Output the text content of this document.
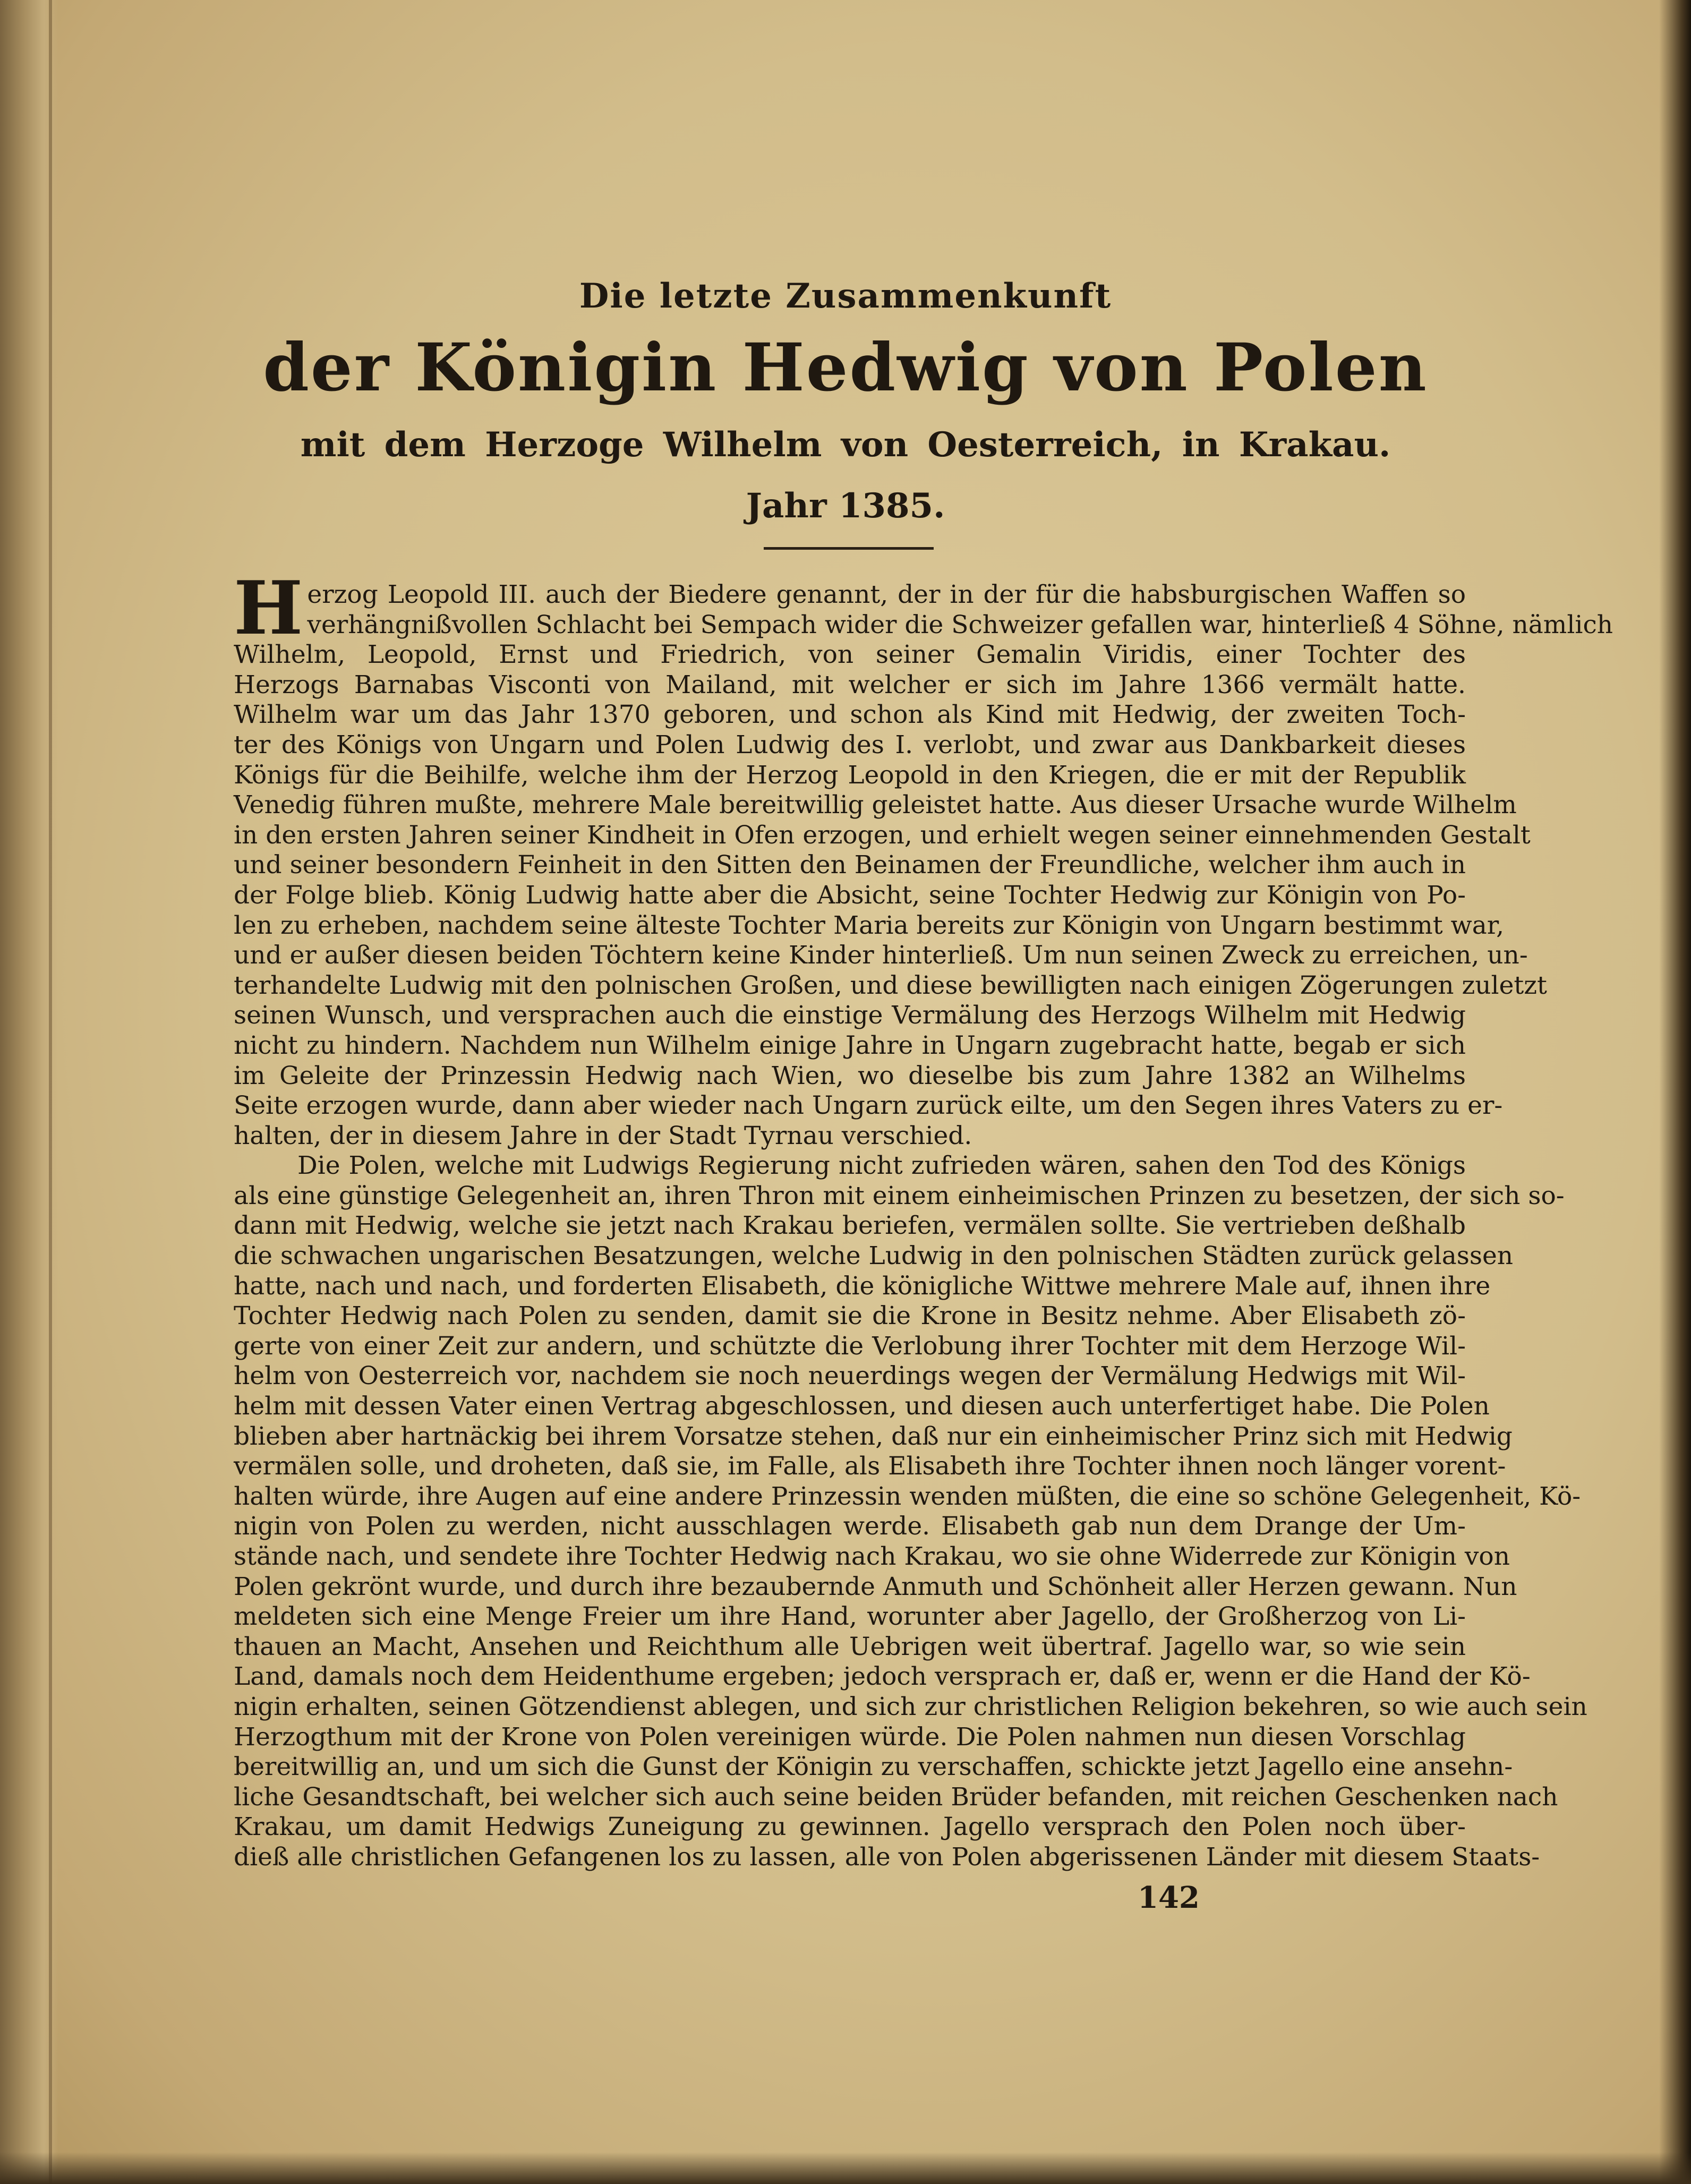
Die letzte Zusammenkunft
der Königin Hedwig von Polen
mit dem Herzoge Wilhelm von Oesterreich, in Krakau.
Jahr 1385.
Herzog Leopold III. auch der Biedere genannt, der in der für die habsburgischen Waffen so
verhängnißvollen Schlacht bei Sempach wider die Schweizer gefallen war, hinterließ 4 Söhne, nämlich
Wilhelm, Leopold, Ernst und Friedrich, von seiner Gemalin Viridis, einer Tochter des
Herzogs Barnabas Visconti von Mailand, mit welcher er sich im Jahre 1366 vermält hatte.
Wilhelm war um das Jahr 1370 geboren, und schon als Kind mit Hedwig, der zweiten Toch-
ter des Königs von Ungarn und Polen Ludwig des I. verlobt, und zwar aus Dankbarkeit dieses
Königs für die Beihilfe, welche ihm der Herzog Leopold in den Kriegen, die er mit der Republik
Venedig führen mußte, mehrere Male bereitwillig geleistet hatte. Aus dieser Ursache wurde Wilhelm
in den ersten Jahren seiner Kindheit in Ofen erzogen, und erhielt wegen seiner einnehmenden Gestalt
und seiner besondern Feinheit in den Sitten den Beinamen der Freundliche, welcher ihm auch in
der Folge blieb. König Ludwig hatte aber die Absicht, seine Tochter Hedwig zur Königin von Po-
len zu erheben, nachdem seine älteste Tochter Maria bereits zur Königin von Ungarn bestimmt war,
und er außer diesen beiden Töchtern keine Kinder hinterließ. Um nun seinen Zweck zu erreichen, un-
terhandelte Ludwig mit den polnischen Großen, und diese bewilligten nach einigen Zögerungen zuletzt
seinen Wunsch, und versprachen auch die einstige Vermälung des Herzogs Wilhelm mit Hedwig
nicht zu hindern. Nachdem nun Wilhelm einige Jahre in Ungarn zugebracht hatte, begab er sich
im Geleite der Prinzessin Hedwig nach Wien, wo dieselbe bis zum Jahre 1382 an Wilhelms
Seite erzogen wurde, dann aber wieder nach Ungarn zurück eilte, um den Segen ihres Vaters zu er-
halten, der in diesem Jahre in der Stadt Tyrnau verschied.
Die Polen, welche mit Ludwigs Regierung nicht zufrieden wären, sahen den Tod des Königs
als eine günstige Gelegenheit an, ihren Thron mit einem einheimischen Prinzen zu besetzen, der sich so-
dann mit Hedwig, welche sie jetzt nach Krakau beriefen, vermälen sollte. Sie vertrieben deßhalb
die schwachen ungarischen Besatzungen, welche Ludwig in den polnischen Städten zurück gelassen
hatte, nach und nach, und forderten Elisabeth, die königliche Wittwe mehrere Male auf, ihnen ihre
Tochter Hedwig nach Polen zu senden, damit sie die Krone in Besitz nehme. Aber Elisabeth zö-
gerte von einer Zeit zur andern, und schützte die Verlobung ihrer Tochter mit dem Herzoge Wil-
helm von Oesterreich vor, nachdem sie noch neuerdings wegen der Vermälung Hedwigs mit Wil-
helm mit dessen Vater einen Vertrag abgeschlossen, und diesen auch unterfertiget habe. Die Polen
blieben aber hartnäckig bei ihrem Vorsatze stehen, daß nur ein einheimischer Prinz sich mit Hedwig
vermälen solle, und droheten, daß sie, im Falle, als Elisabeth ihre Tochter ihnen noch länger vorent-
halten würde, ihre Augen auf eine andere Prinzessin wenden müßten, die eine so schöne Gelegenheit, Kö-
nigin von Polen zu werden, nicht ausschlagen werde. Elisabeth gab nun dem Drange der Um-
stände nach, und sendete ihre Tochter Hedwig nach Krakau, wo sie ohne Widerrede zur Königin von
Polen gekrönt wurde, und durch ihre bezaubernde Anmuth und Schönheit aller Herzen gewann. Nun
meldeten sich eine Menge Freier um ihre Hand, worunter aber Jagello, der Großherzog von Li-
thauen an Macht, Ansehen und Reichthum alle Uebrigen weit übertraf. Jagello war, so wie sein
Land, damals noch dem Heidenthume ergeben; jedoch versprach er, daß er, wenn er die Hand der Kö-
nigin erhalten, seinen Götzendienst ablegen, und sich zur christlichen Religion bekehren, so wie auch sein
Herzogthum mit der Krone von Polen vereinigen würde. Die Polen nahmen nun diesen Vorschlag
bereitwillig an, und um sich die Gunst der Königin zu verschaffen, schickte jetzt Jagello eine ansehn-
liche Gesandtschaft, bei welcher sich auch seine beiden Brüder befanden, mit reichen Geschenken nach
Krakau, um damit Hedwigs Zuneigung zu gewinnen. Jagello versprach den Polen noch über-
dieß alle christlichen Gefangenen los zu lassen, alle von Polen abgerissenen Länder mit diesem Staats-
142
